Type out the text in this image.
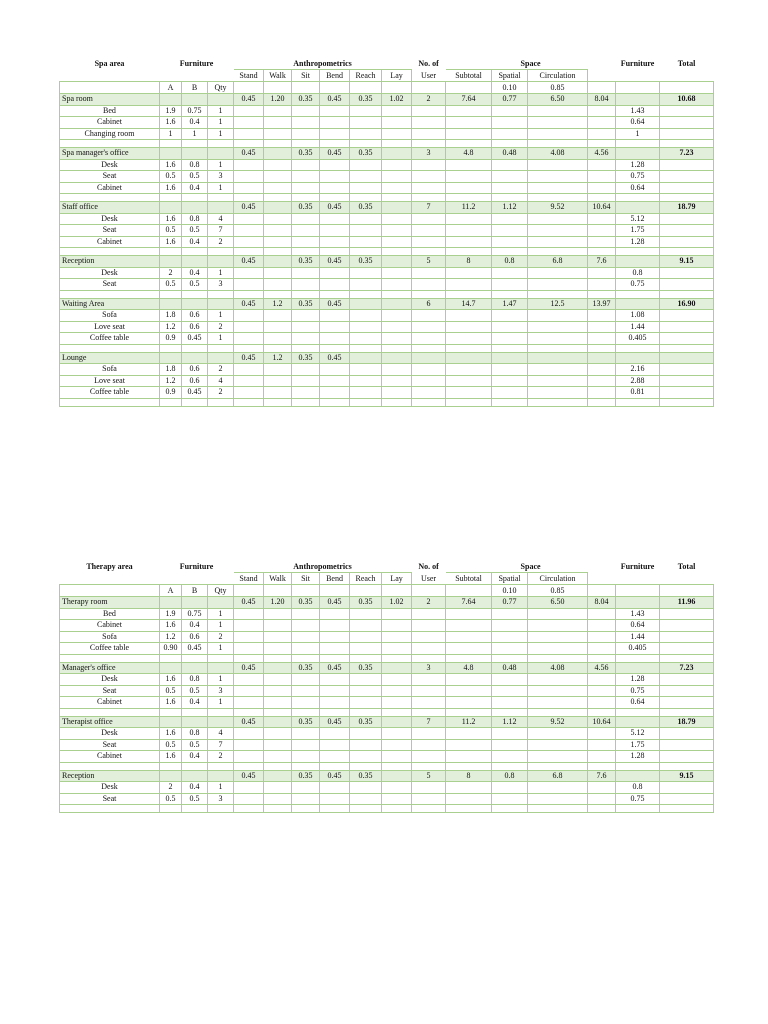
Spa area	Furniture			Anthropometrics						No. of	Space				Furniture	Total
				Stand	Walk	Sit	Bend	Reach	Lay	User	Subtotal	Spatial	Circulation			
	A	B	Qty									0.10	0.85			
Spa room				0.45	1.20	0.35	0.45	0.35	1.02	2	7.64	0.77	6.50	8.04		10.68
Bed	1.9	0.75	1												1.43	
Cabinet	1.6	0.4	1												0.64	
Changing room	1	1	1												1	

Spa manager's office				0.45		0.35	0.45	0.35		3	4.8	0.48	4.08	4.56		7.23
Desk	1.6	0.8	1												1.28	
Seat	0.5	0.5	3												0.75	
Cabinet	1.6	0.4	1												0.64	

Staff office				0.45		0.35	0.45	0.35		7	11.2	1.12	9.52	10.64		18.79
Desk	1.6	0.8	4												5.12	
Seat	0.5	0.5	7												1.75	
Cabinet	1.6	0.4	2												1.28	

Reception				0.45		0.35	0.45	0.35		5	8	0.8	6.8	7.6		9.15
Desk	2	0.4	1												0.8	
Seat	0.5	0.5	3												0.75	

Waiting Area				0.45	1.2	0.35	0.45			6	14.7	1.47	12.5	13.97		16.90
Sofa	1.8	0.6	1												1.08	
Love seat	1.2	0.6	2												1.44	
Coffee table	0.9	0.45	1												0.405	

Lounge				0.45	1.2	0.35	0.45									
Sofa	1.8	0.6	2												2.16	
Love seat	1.2	0.6	4												2.88	
Coffee table	0.9	0.45	2												0.81	

Therapy area	Furniture			Anthropometrics						No. of	Space				Furniture	Total
				Stand	Walk	Sit	Bend	Reach	Lay	User	Subtotal	Spatial	Circulation			
	A	B	Qty									0.10	0.85			
Therapy room				0.45	1.20	0.35	0.45	0.35	1.02	2	7.64	0.77	6.50	8.04		11.96
Bed	1.9	0.75	1												1.43	
Cabinet	1.6	0.4	1												0.64	
Sofa	1.2	0.6	2												1.44	
Coffee table	0.90	0.45	1												0.405	

Manager's office				0.45		0.35	0.45	0.35		3	4.8	0.48	4.08	4.56		7.23
Desk	1.6	0.8	1												1.28	
Seat	0.5	0.5	3												0.75	
Cabinet	1.6	0.4	1												0.64	

Therapist office				0.45		0.35	0.45	0.35		7	11.2	1.12	9.52	10.64		18.79
Desk	1.6	0.8	4												5.12	
Seat	0.5	0.5	7												1.75	
Cabinet	1.6	0.4	2												1.28	

Reception				0.45		0.35	0.45	0.35		5	8	0.8	6.8	7.6		9.15
Desk	2	0.4	1												0.8	
Seat	0.5	0.5	3												0.75	
